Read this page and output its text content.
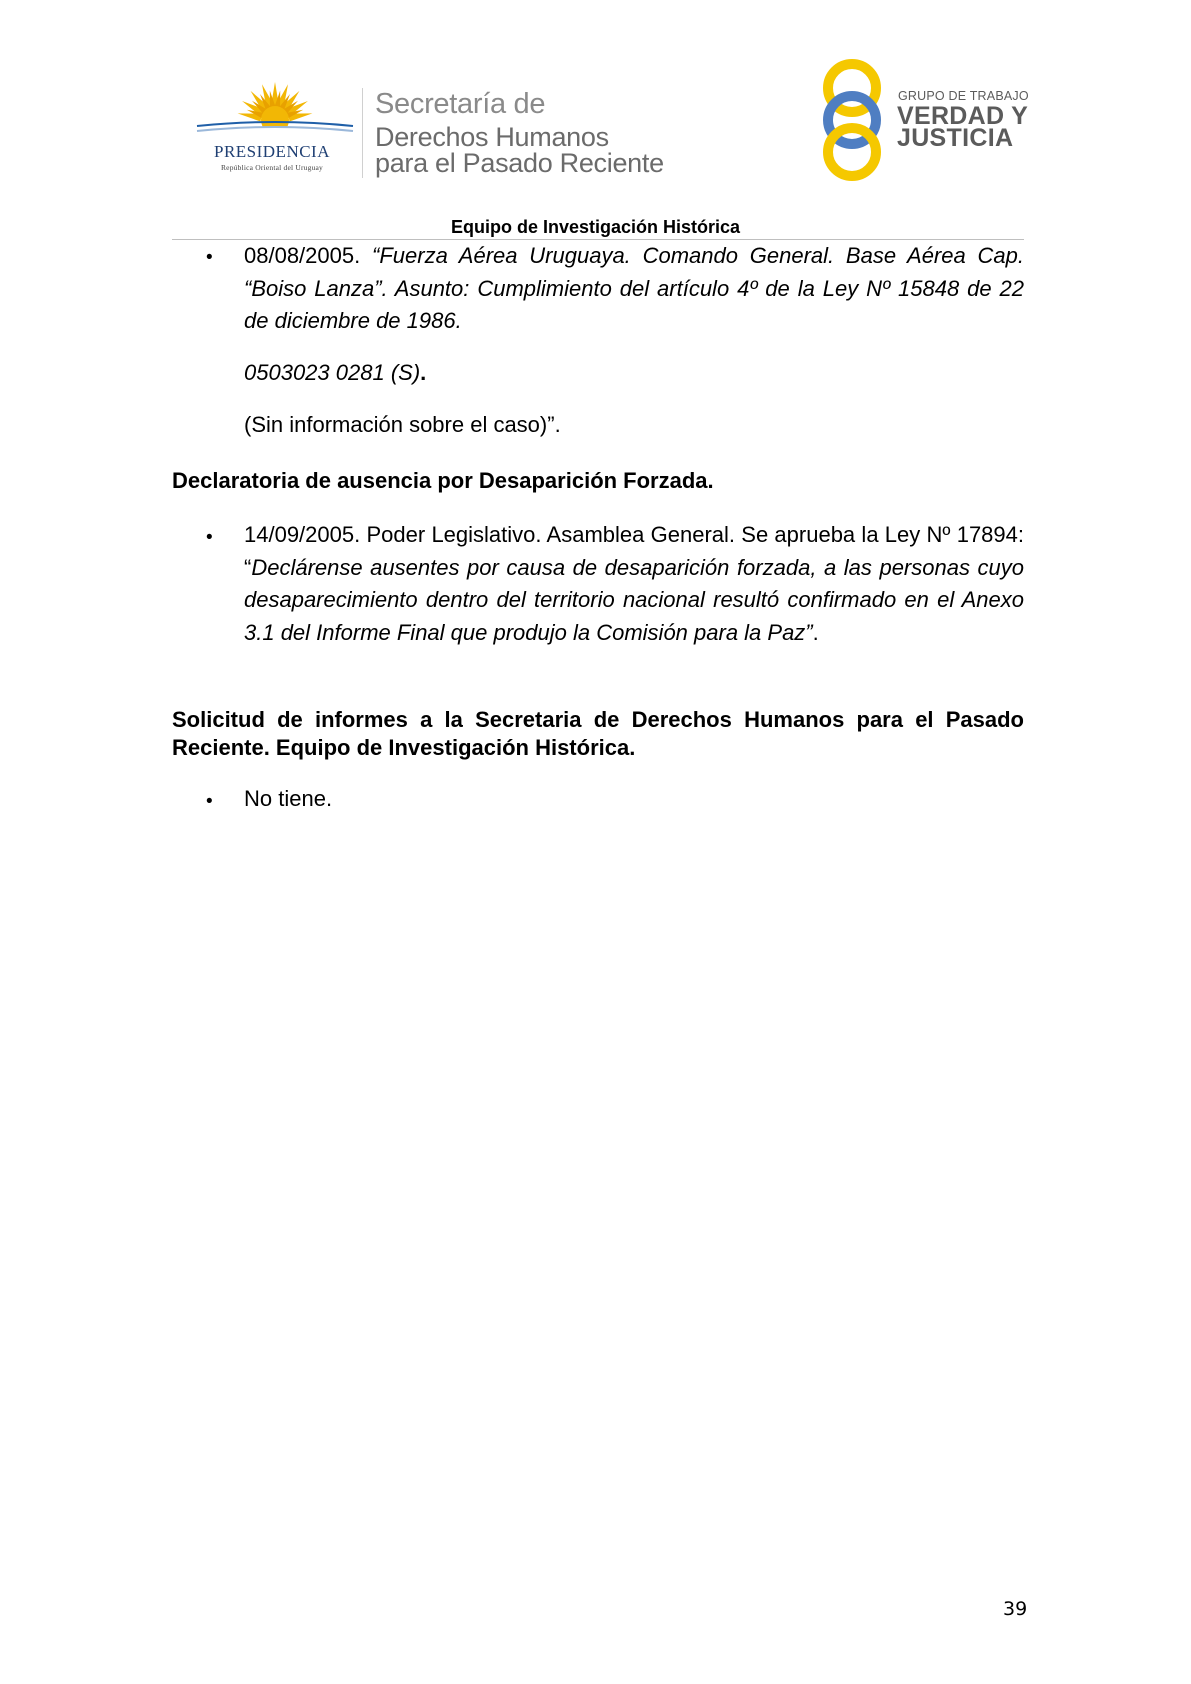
PRESIDENCIA
República Oriental del Uruguay
Secretaría de
Derechos Humanos
para el Pasado Reciente
GRUPO DE TRABAJO
VERDAD Y
JUSTICIA
Equipo de Investigación Histórica
• 08/08/2005. “Fuerza Aérea Uruguaya. Comando General. Base Aérea Cap. “Boiso Lanza”. Asunto: Cumplimiento del artículo 4º de la Ley Nº 15848 de 22 de diciembre de 1986.
0503023 0281 (S).
(Sin información sobre el caso)”.
Declaratoria de ausencia por Desaparición Forzada.
• 14/09/2005. Poder Legislativo. Asamblea General. Se aprueba la Ley Nº 17894: “Declárense ausentes por causa de desaparición forzada, a las personas cuyo desaparecimiento dentro del territorio nacional resultó confirmado en el Anexo 3.1 del Informe Final que produjo la Comisión para la Paz”.
Solicitud de informes a la Secretaria de Derechos Humanos para el Pasado Reciente. Equipo de Investigación Histórica.
• No tiene.
39
